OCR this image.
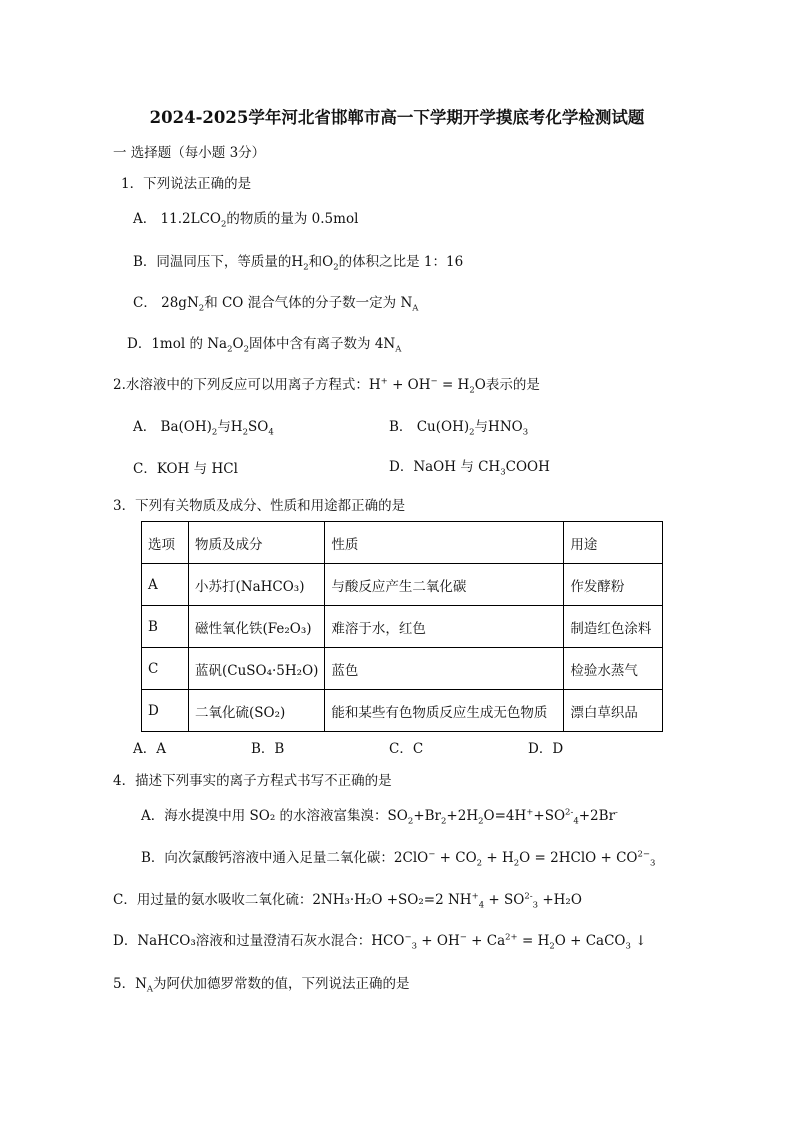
2024-2025学年河北省邯郸市高一下学期开学摸底考化学检测试题
一 选择题（每小题 3分）
1．下列说法正确的是
A． $11.2LCO_2$的物质的量为 0.5mol
B．同温同压下，等质量的$H_2$和$O_2$的体积之比是 1：16
C． $28gN_2$和 CO 混合气体的分子数一定为 $N_A$
D．1mol 的 $Na_2O_2$固体中含有离子数为 $4N_A$
2.水溶液中的下列反应可以用离子方程式：$H^+ + OH^- = H_2O$表示的是
A． $Ba(OH)_2$与$H_2SO_4$	B． $Cu(OH)_2$与$HNO_3$
C．KOH 与 HCl	D．NaOH 与 $CH_3COOH$
3．下列有关物质及成分、性质和用途都正确的是
选项	物质及成分	性质	用途
A	小苏打(NaHCO₃)	与酸反应产生二氧化碳	作发酵粉
B	磁性氧化铁(Fe₂O₃)	难溶于水，红色	制造红色涂料
C	蓝矾(CuSO₄·5H₂O)	蓝色	检验水蒸气
D	二氧化硫(SO₂)	能和某些有色物质反应生成无色物质	漂白草织品
A．A	B．B	C．C	D．D
4．描述下列事实的离子方程式书写不正确的是
A．海水提溴中用 SO₂ 的水溶液富集溴：$SO_2+Br_2+2H_2O=4H^++SO^{2-}_4+2Br^-$
B．向次氯酸钙溶液中通入足量二氧化碳：$2ClO^- + CO_2 + H_2O$ = 2HClO + $CO^{2-}_3$
C．用过量的氨水吸收二氧化硫：2NH₃·H₂O +SO₂=2 $NH^+_4 + SO^{2-}_3 +H_2O$
D．NaHCO₃溶液和过量澄清石灰水混合：$HCO^-_3 + OH^- + Ca^{2+} = H_2O$ + CaCO$_3$ ↓
5．$N_A$为阿伏加德罗常数的值，下列说法正确的是
